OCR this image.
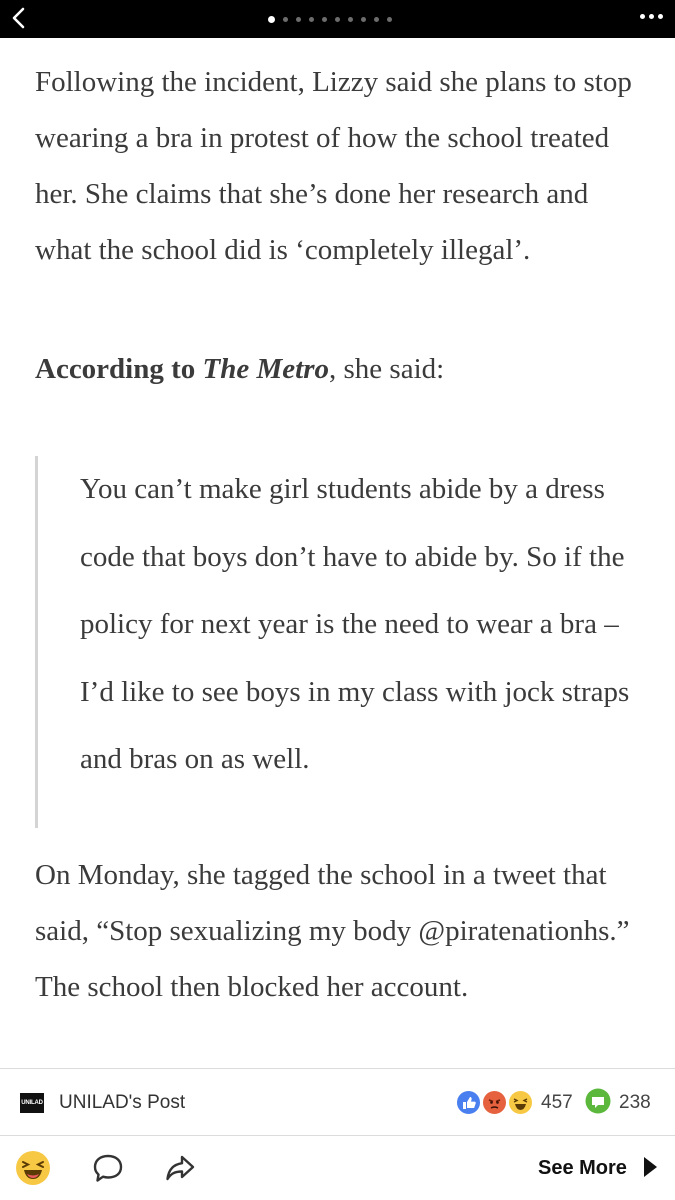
Following the incident, Lizzy said she plans to stop wearing a bra in protest of how the school treated her. She claims that she’s done her research and what the school did is ‘completely illegal’.

According to The Metro, she said:

You can’t make girl students abide by a dress code that boys don’t have to abide by. So if the policy for next year is the need to wear a bra – I’d like to see boys in my class with jock straps and bras on as well.

On Monday, she tagged the school in a tweet that said, “Stop sexualizing my body @piratenationhs.” The school then blocked her account.

UNILAD UNILAD's Post	457 238
See More
